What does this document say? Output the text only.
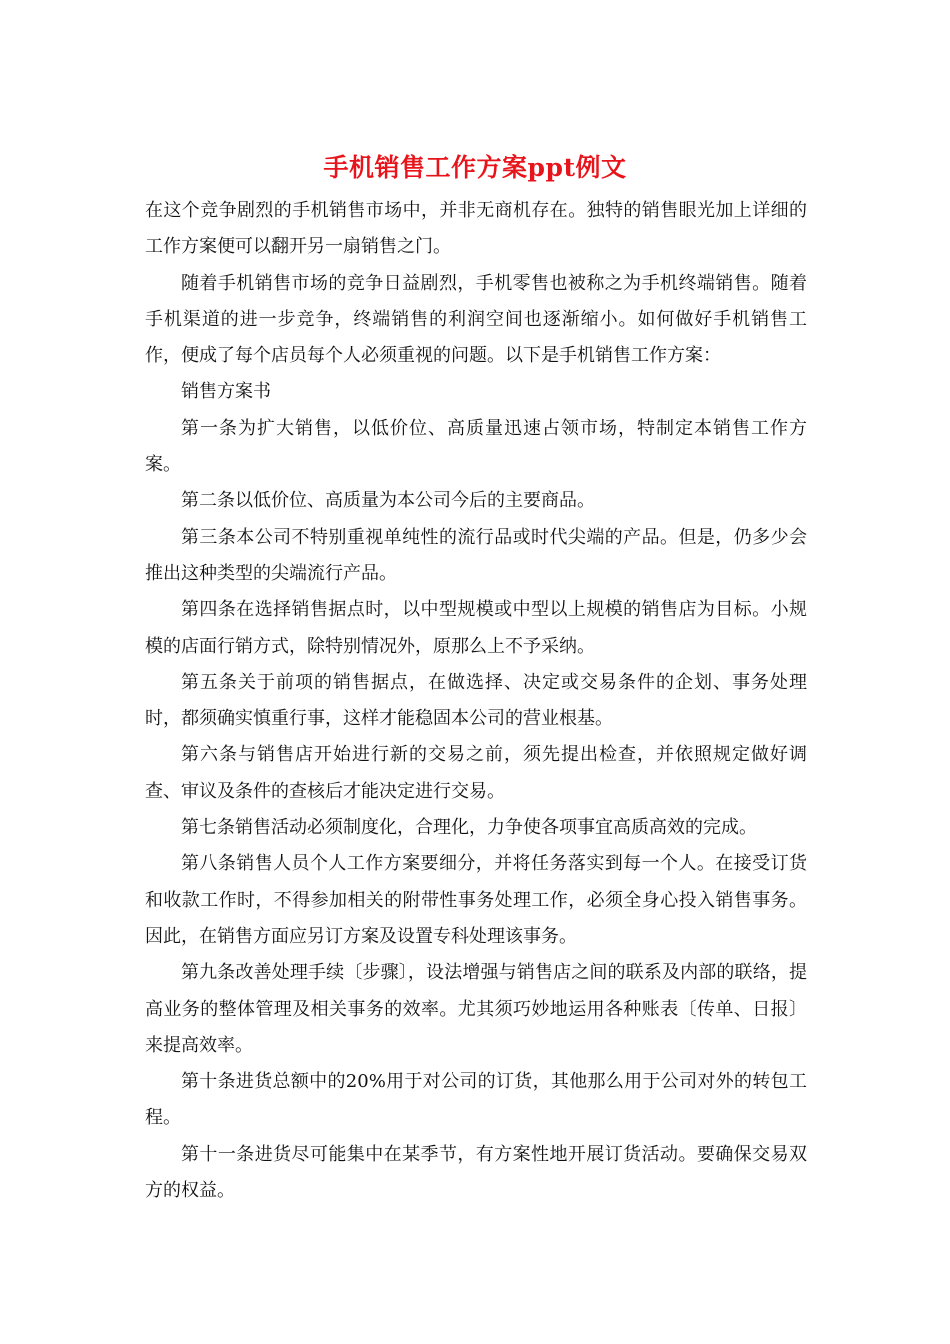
手机销售工作方案ppt例文

在这个竞争剧烈的手机销售市场中，并非无商机存在。独特的销售眼光加上详细的工作方案便可以翻开另一扇销售之门。

随着手机销售市场的竞争日益剧烈，手机零售也被称之为手机终端销售。随着手机渠道的进一步竞争，终端销售的利润空间也逐渐缩小。如何做好手机销售工作，便成了每个店员每个人必须重视的问题。以下是手机销售工作方案：

销售方案书

第一条为扩大销售，以低价位、高质量迅速占领市场，特制定本销售工作方案。

第二条以低价位、高质量为本公司今后的主要商品。

第三条本公司不特别重视单纯性的流行品或时代尖端的产品。但是，仍多少会推出这种类型的尖端流行产品。

第四条在选择销售据点时，以中型规模或中型以上规模的销售店为目标。小规模的店面行销方式，除特别情况外，原那么上不予采纳。

第五条关于前项的销售据点，在做选择、决定或交易条件的企划、事务处理时，都须确实慎重行事，这样才能稳固本公司的营业根基。

第六条与销售店开始进行新的交易之前，须先提出检查，并依照规定做好调查、审议及条件的查核后才能决定进行交易。

第七条销售活动必须制度化，合理化，力争使各项事宜高质高效的完成。

第八条销售人员个人工作方案要细分，并将任务落实到每一个人。在接受订货和收款工作时，不得参加相关的附带性事务处理工作，必须全身心投入销售事务。因此，在销售方面应另订方案及设置专科处理该事务。

第九条改善处理手续〔步骤〕，设法增强与销售店之间的联系及内部的联络，提高业务的整体管理及相关事务的效率。尤其须巧妙地运用各种账表〔传单、日报〕来提高效率。

第十条进货总额中的20%用于对公司的订货，其他那么用于公司对外的转包工程。

第十一条进货尽可能集中在某季节，有方案性地开展订货活动。要确保交易双方的权益。
